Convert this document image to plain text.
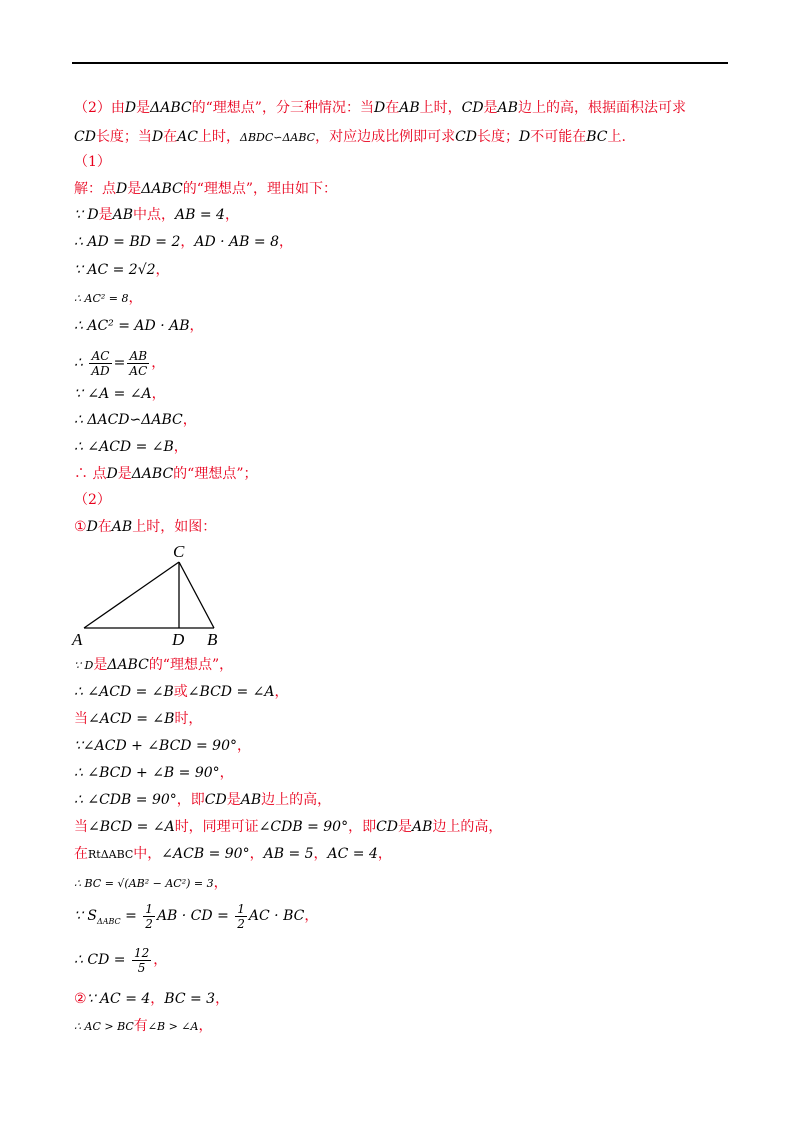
（2）由D是ΔABC的“理想点”，分三种情况：当D在AB上时，CD是AB边上的高，根据面积法可求
CD长度；当D在AC上时，ΔBDC∽ΔABC，对应边成比例即可求CD长度；D不可能在BC上.
（1）
解：点D是ΔABC的“理想点”，理由如下：
∵ D是AB中点，AB = 4，
∴ AD = BD = 2，AD · AB = 8，
∵ AC = 2√2，
∴ AC² = 8，
∴ AC² = AD · AB，
∴ $\frac{AC}{AD} = \frac{AB}{AC}$ ，
∵ ∠A = ∠A，
∴ ΔACD∽ΔABC，
∴ ∠ACD = ∠B，
∴ 点D是ΔABC的“理想点”；
（2）
①D在AB上时，如图：
C
A	D B
∵ D是ΔABC的“理想点”，
∴ ∠ACD = ∠B或∠BCD = ∠A，
当∠ACD = ∠B时，
∵∠ACD + ∠BCD = 90°，
∴ ∠BCD + ∠B = 90°，
∴ ∠CDB = 90°，即CD是AB边上的高，
当∠BCD = ∠A时，同理可证∠CDB = 90°，即CD是AB边上的高，
在RtΔABC中，∠ACB = 90°，AB = 5，AC = 4，
∴ BC = √(AB² − AC²) = 3，
∵ $S_{\Delta ABC} = \frac{1}{2}$ AB · CD = $\frac{1}{2}$ AC · BC，
∴ CD = $\frac{12}{5}$ ，
②∵ AC = 4，BC = 3，
∴ AC > BC有∠B > ∠A，
